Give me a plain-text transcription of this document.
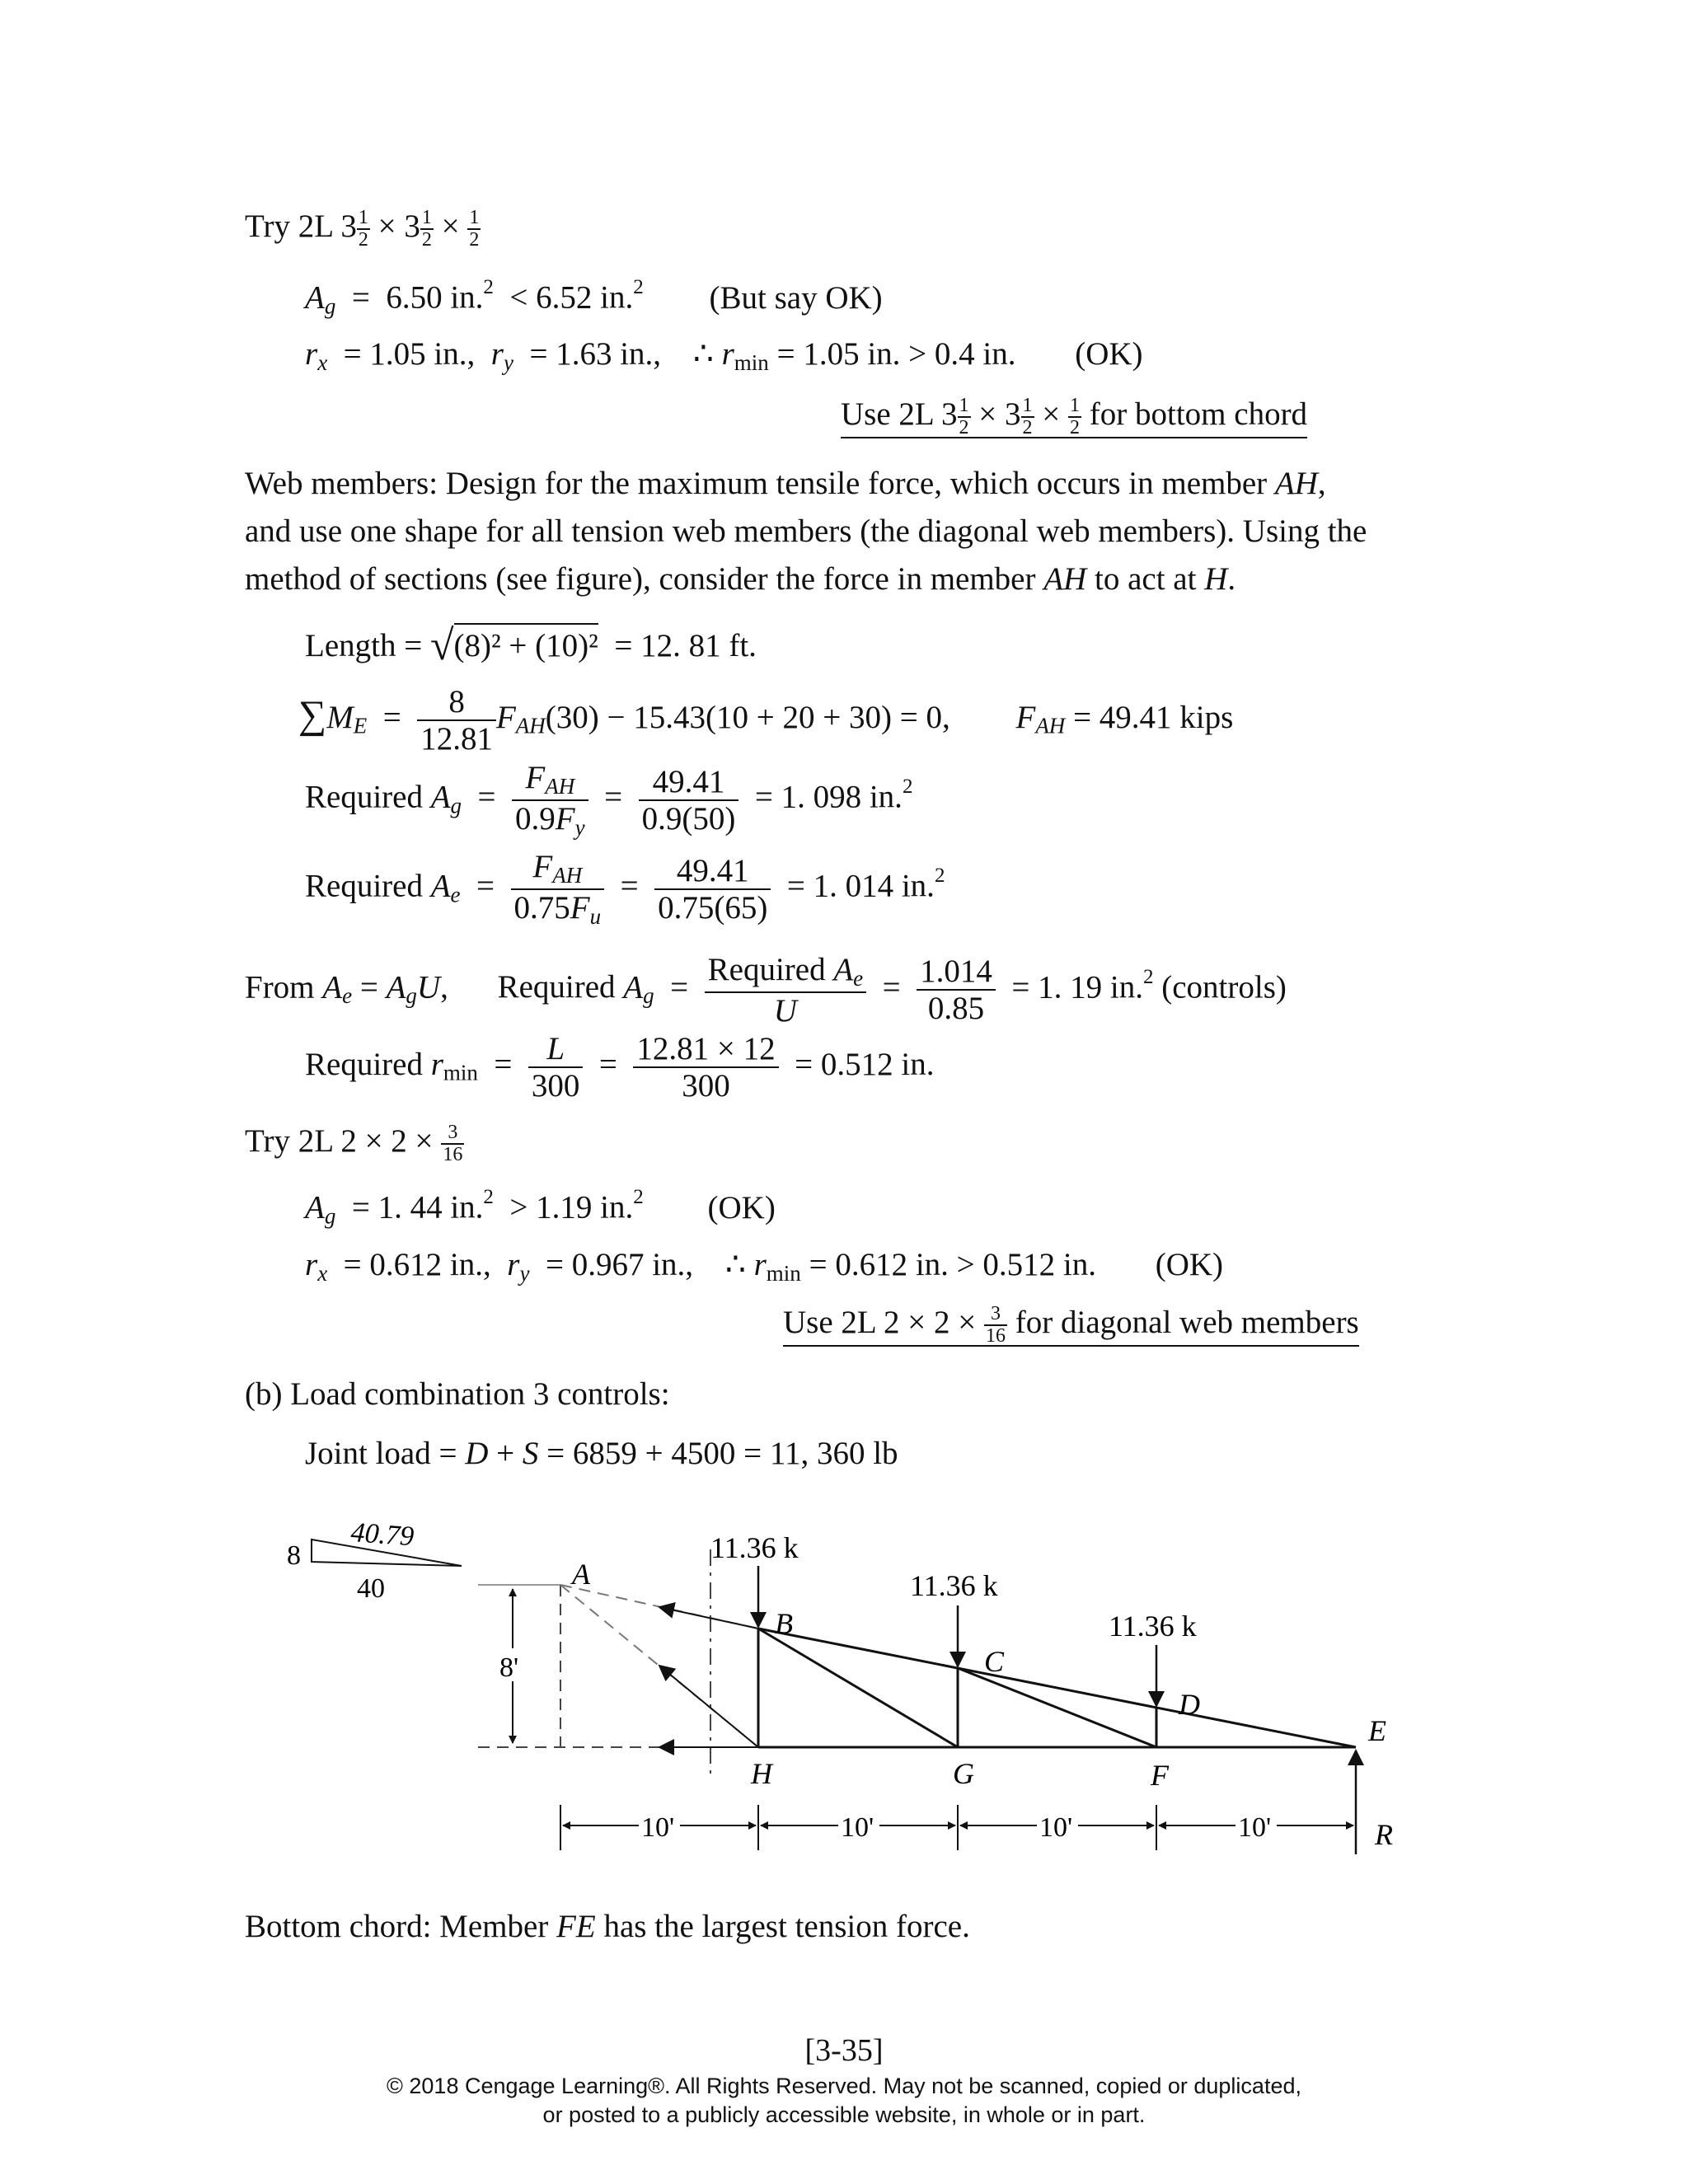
Try 2L $3 \frac{1}{2} \times 3 \frac{1}{2} \times \frac{1}{2}$
$A_g = 6.50$ in.$^2$  < 6.52 in.$^2$ (But say OK)
$r_x = 1.05$ in., $r_y = 1.63$ in.,    ∴ $r_{min} = 1.05$ in. > 0.4 in. (OK)
Use 2L $3 \frac{1}{2} \times 3 \frac{1}{2} \times \frac{1}{2}$ for bottom chord
Web members: Design for the maximum tensile force, which occurs in member AH,
and use one shape for all tension web members (the diagonal web members). Using the
method of sections (see figure), consider the force in member AH to act at H.
Length = √(8)² + (10)² = 12. 81 ft.
$\sum M_E = \frac{8}{12.81} F_{AH}(30) - 15.43(10 + 20 + 30) = 0$, $F_{AH} = 49.41$ kips
Required $A_g = \frac{F_{AH}}{0.9F_y} = \frac{49.41}{0.9(50)} = 1$. 098 in.$^2$
Required $A_e = \frac{F_{AH}}{0.75F_u} = \frac{49.41}{0.75(65)} = 1$. 014 in.$^2$
From $A_e = A_gU$, Required $A_g = \frac{Required A_e}{U} = \frac{1.014}{0.85} = 1$. 19 in.$^2$ (controls)
Required $r_{min} = \frac{L}{300} = \frac{12.81 \times 12}{300} = 0.512$ in.
Try 2L $2 \times 2 \times \frac{3}{16}$
$A_g = 1$. 44 in.$^2$  > 1.19 in.$^2$ (OK)
$r_x = 0.612$ in., $r_y = 0.967$ in.,    ∴ $r_{min} = 0.612$ in. > 0.512 in. (OK)
Use 2L $2 \times 2 \times \frac{3}{16}$ for diagonal web members
(b) Load combination 3 controls:
Joint load = D + S = 6859 + 4500 = 11, 360 lb
40.79
8
40
8'
11.36 k
11.36 k
11.36 k
R
A
B
C
D
E
F
G
H
10'	10'	10'	10'
Bottom chord: Member FE has the largest tension force.
[3-35]
© 2018 Cengage Learning®. All Rights Reserved. May not be scanned, copied or duplicated,
or posted to a publicly accessible website, in whole or in part.
